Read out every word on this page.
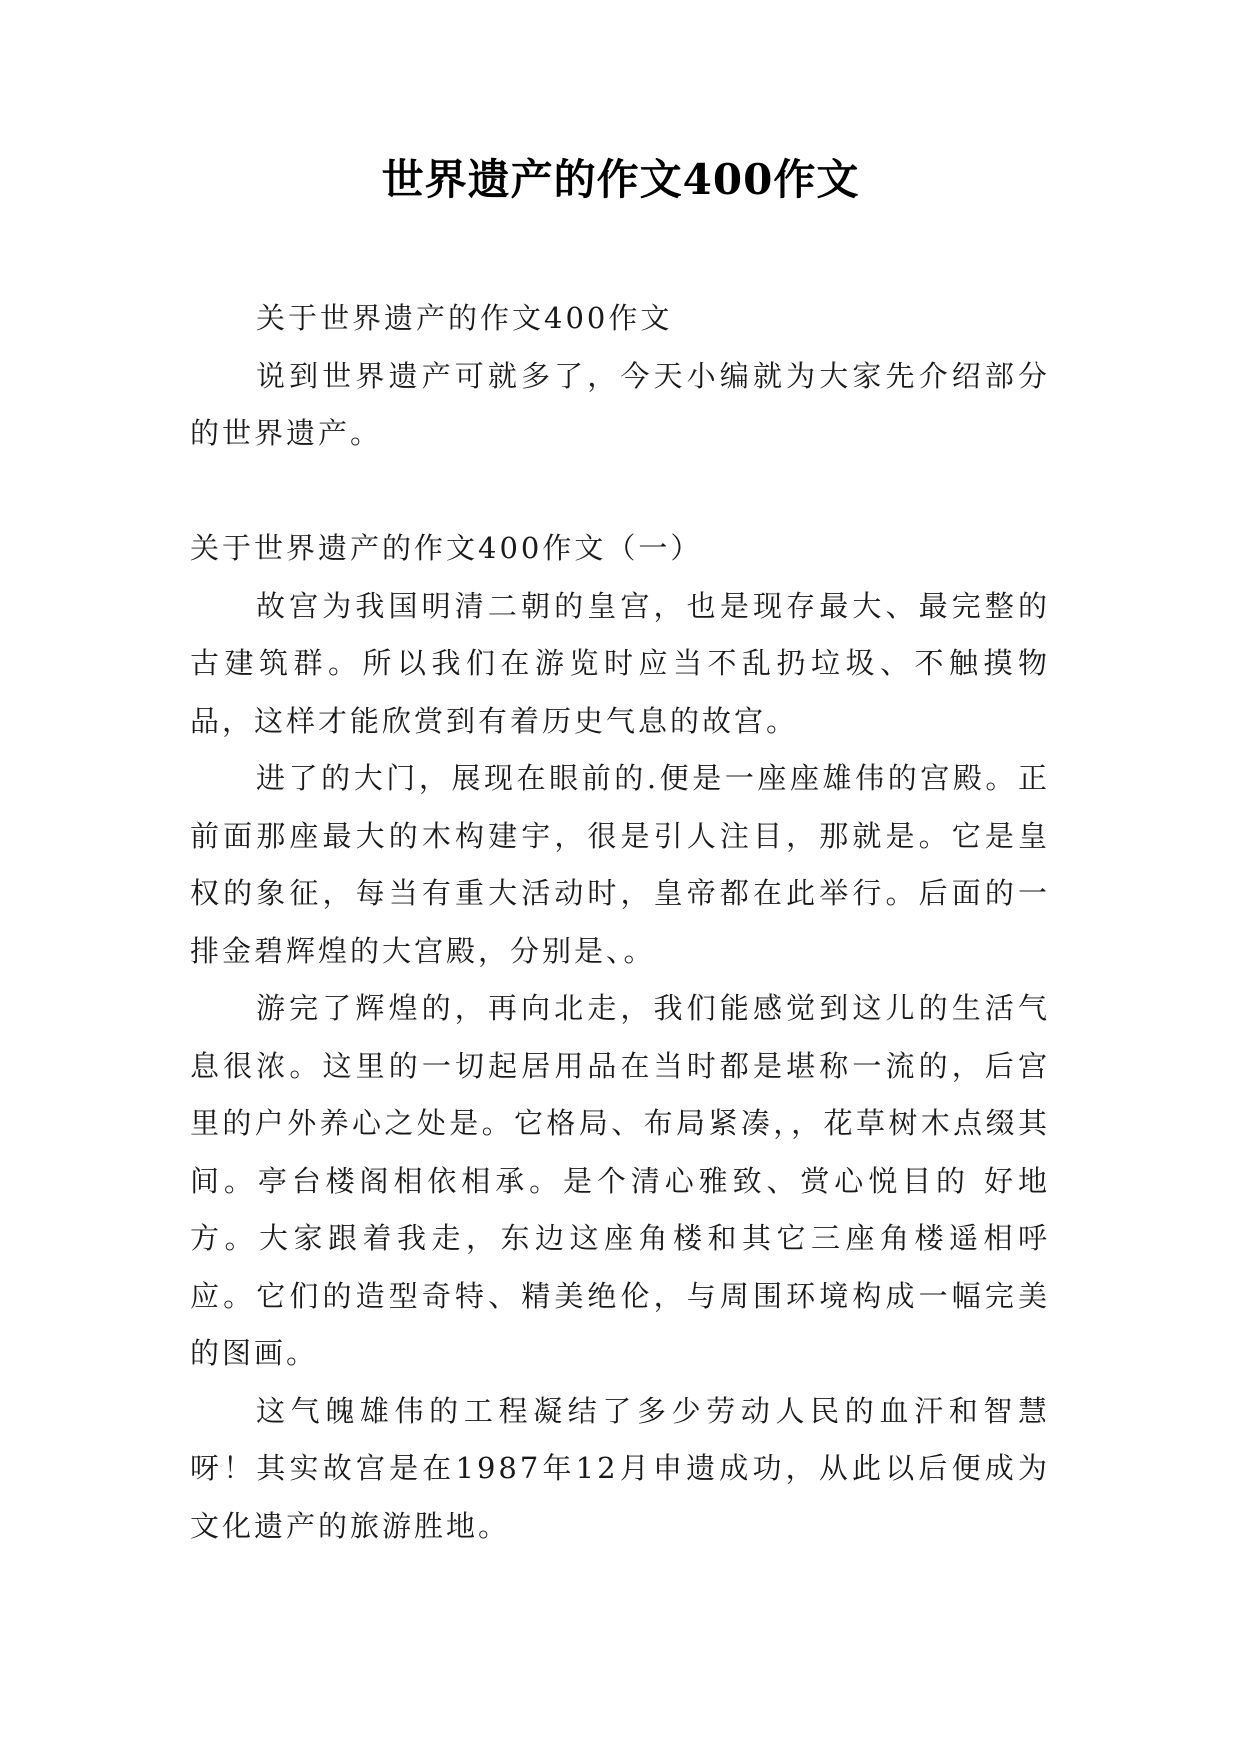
世界遗产的作文400作文

关于世界遗产的作文400作文

说到世界遗产可就多了，今天小编就为大家先介绍部分的世界遗产。

关于世界遗产的作文400作文（一）

故宫为我国明清二朝的皇宫，也是现存最大、最完整的古建筑群。所以我们在游览时应当不乱扔垃圾、不触摸物品，这样才能欣赏到有着历史气息的故宫。

进了的大门，展现在眼前的.便是一座座雄伟的宫殿。正前面那座最大的木构建宇，很是引人注目，那就是。它是皇权的象征，每当有重大活动时，皇帝都在此举行。后面的一排金碧辉煌的大宫殿，分别是、。

游完了辉煌的，再向北走，我们能感觉到这儿的生活气息很浓。这里的一切起居用品在当时都是堪称一流的，后宫里的户外养心之处是。它格局、布局紧凑，，花草树木点缀其间。亭台楼阁相依相承。是个清心雅致、赏心悦目的 好地方。大家跟着我走，东边这座角楼和其它三座角楼遥相呼应。它们的造型奇特、精美绝伦，与周围环境构成一幅完美的图画。

这气魄雄伟的工程凝结了多少劳动人民的血汗和智慧呀！其实故宫是在1987年12月申遗成功，从此以后便成为文化遗产的旅游胜地。
